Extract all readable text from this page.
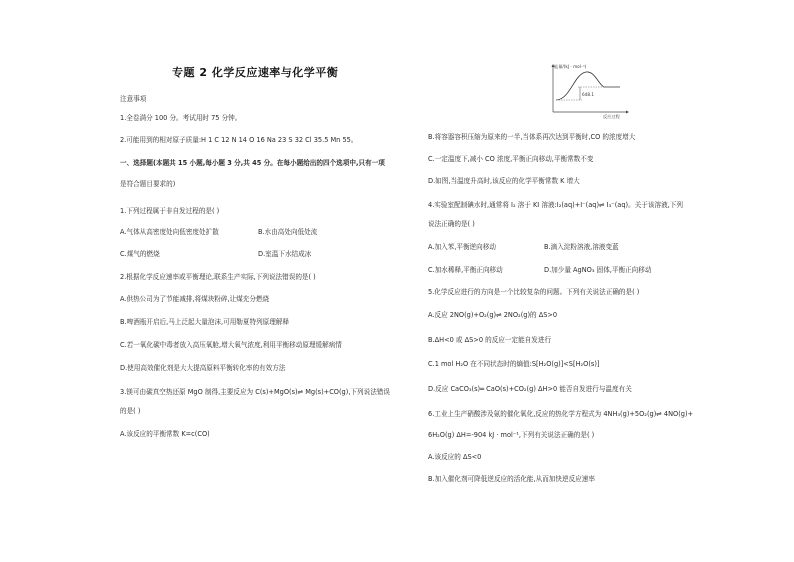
专题 2 化学反应速率与化学平衡
注意事项
1.全卷满分 100 分。考试用时 75 分钟。
2.可能用到的相对原子质量:H 1 C 12 N 14 O 16 Na 23 S 32 Cl 35.5 Mn 55。
一、选择题(本题共 15 小题,每小题 3 分,共 45 分。在每小题给出的四个选项中,只有一项
是符合题目要求的)
1.下列过程属于非自发过程的是( )
A.气体从高密度处向低密度处扩散	B.水由高处向低处流
C.煤气的燃烧	D.室温下水结成冰
2.根据化学反应速率或平衡理论,联系生产实际,下列说法错误的是( )
A.供热公司为了节能减排,将煤块粉碎,让煤充分燃烧
B.啤酒瓶开启后,马上泛起大量泡沫,可用勒夏特列原理解释
C.若一氧化碳中毒者放入高压氧舱,增大氧气浓度,利用平衡移动原理缓解病情
D.使用高效催化剂是大大提高原料平衡转化率的有效方法
3.镁可由碳真空热还原 MgO 制得,主要反应为 C(s)+MgO(s)⇌ Mg(s)+CO(g),下列说法错误
的是( )
A.该反应的平衡常数 K=c(CO)
能量/(kJ · mol⁻¹)
648.1
反应过程
B.将容器容积压缩为原来的一半,当体系再次达到平衡时,CO 的浓度增大
C.一定温度下,减小 CO 浓度,平衡正向移动,平衡常数不变
D.如图,当温度升高时,该反应的化学平衡常数 K 增大
4.实验室配制碘水时,通常将 I₂ 溶于 KI 溶液:I₂(aq)+I⁻(aq)⇌ I₃⁻(aq)。关于该溶液,下列
说法正确的是( )
A.加入苯,平衡逆向移动	B.滴入淀粉溶液,溶液变蓝
C.加水稀释,平衡正向移动	D.加少量 AgNO₃ 固体,平衡正向移动
5.化学反应进行的方向是一个比较复杂的问题。下列有关说法正确的是( )
A.反应 2NO(g)+O₂(g)⇌ 2NO₂(g)的 ΔS>0
B.ΔH<0 或 ΔS>0 的反应一定能自发进行
C.1 mol H₂O 在不同状态时的熵值:S[H₂O(g)]<S[H₂O(s)]
D.反应 CaCO₃(s)═ CaO(s)+CO₂(g) ΔH>0 能否自发进行与温度有关
6.工业上生产硝酸涉及氨的催化氧化,反应的热化学方程式为 4NH₃(g)+5O₂(g)⇌ 4NO(g)+
6H₂O(g) ΔH=-904 kJ · mol⁻¹,下列有关说法正确的是( )
A.该反应的 ΔS<0
B.加入催化剂可降低逆反应的活化能,从而加快逆反应速率
